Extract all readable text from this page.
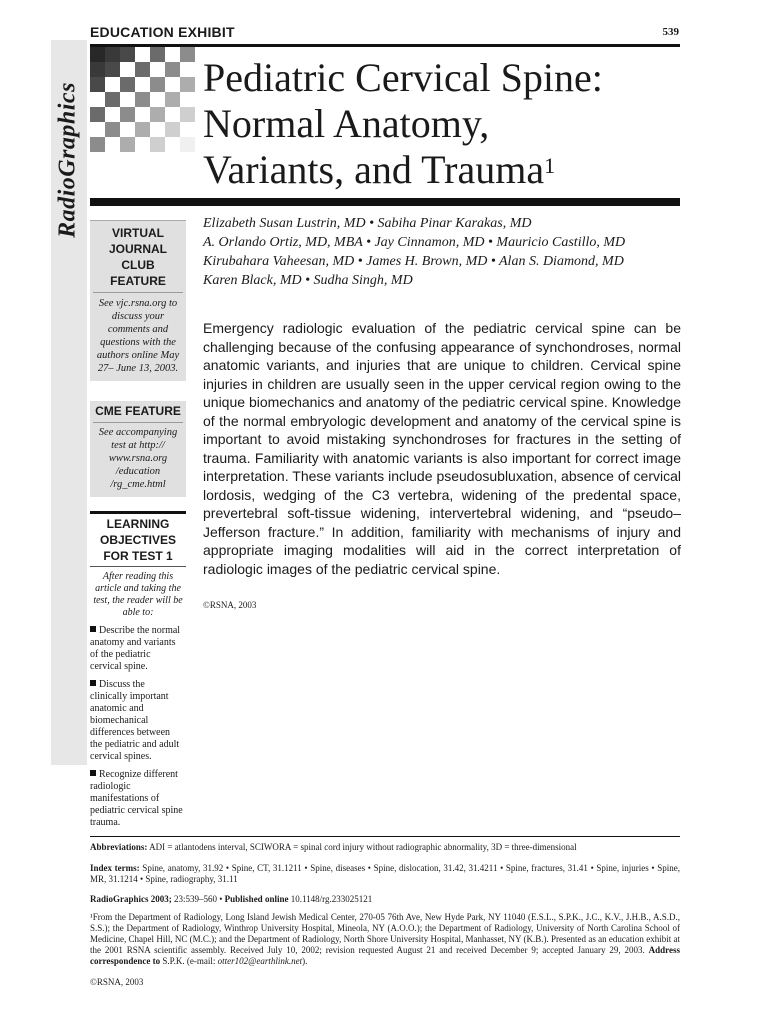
EDUCATION EXHIBIT	539
RadioGraphics
Pediatric Cervical Spine:
Normal Anatomy,
Variants, and Trauma$^1$
VIRTUAL
JOURNAL
CLUB
FEATURE
See vjc.rsna.org to discuss your comments and questions with the authors online May 27– June 13, 2003.
CME FEATURE
See accompanying test at http:// www.rsna.org /education /rg_cme.html
LEARNING
OBJECTIVES
FOR TEST 1
After reading this article and taking the test, the reader will be able to:
Describe the normal anatomy and variants of the pediatric cervical spine.
Discuss the clinically important anatomic and biomechanical differences between the pediatric and adult cervical spines.
Recognize different radiologic manifestations of pediatric cervical spine trauma.
Elizabeth Susan Lustrin, MD • Sabiha Pinar Karakas, MD
A. Orlando Ortiz, MD, MBA • Jay Cinnamon, MD • Mauricio Castillo, MD
Kirubahara Vaheesan, MD • James H. Brown, MD • Alan S. Diamond, MD
Karen Black, MD • Sudha Singh, MD

Emergency radiologic evaluation of the pediatric cervical spine can be challenging because of the confusing appearance of synchondroses, normal anatomic variants, and injuries that are unique to children. Cervical spine injuries in children are usually seen in the upper cervical region owing to the unique biomechanics and anatomy of the pediatric cervical spine. Knowledge of the normal embryologic development and anatomy of the cervical spine is important to avoid mistaking synchondroses for fractures in the setting of trauma. Familiarity with anatomic variants is also important for correct image interpretation. These variants include pseudosubluxation, absence of cervical lordosis, wedging of the C3 vertebra, widening of the predental space, prevertebral soft-tissue widening, intervertebral widening, and “pseudo–Jefferson fracture.” In addition, familiarity with mechanisms of injury and appropriate imaging modalities will aid in the correct interpretation of radiologic images of the pediatric cervical spine.

©RSNA, 2003
Abbreviations: ADI = atlantodens interval, SCIWORA = spinal cord injury without radiographic abnormality, 3D = three-dimensional
Index terms: Spine, anatomy, 31.92 • Spine, CT, 31.1211 • Spine, diseases • Spine, dislocation, 31.42, 31.4211 • Spine, fractures, 31.41 • Spine, injuries • Spine, MR, 31.1214 • Spine, radiography, 31.11
RadioGraphics 2003; 23:539–560 • Published online 10.1148/rg.233025121
¹From the Department of Radiology, Long Island Jewish Medical Center, 270-05 76th Ave, New Hyde Park, NY 11040 (E.S.L., S.P.K., J.C., K.V., J.H.B., A.S.D., S.S.); the Department of Radiology, Winthrop University Hospital, Mineola, NY (A.O.O.); the Department of Radiology, University of North Carolina School of Medicine, Chapel Hill, NC (M.C.); and the Department of Radiology, North Shore University Hospital, Manhasset, NY (K.B.). Presented as an education exhibit at the 2001 RSNA scientific assembly. Received July 10, 2002; revision requested August 21 and received December 9; accepted January 29, 2003. Address correspondence to S.P.K. (e-mail: otter102@earthlink.net).
©RSNA, 2003
